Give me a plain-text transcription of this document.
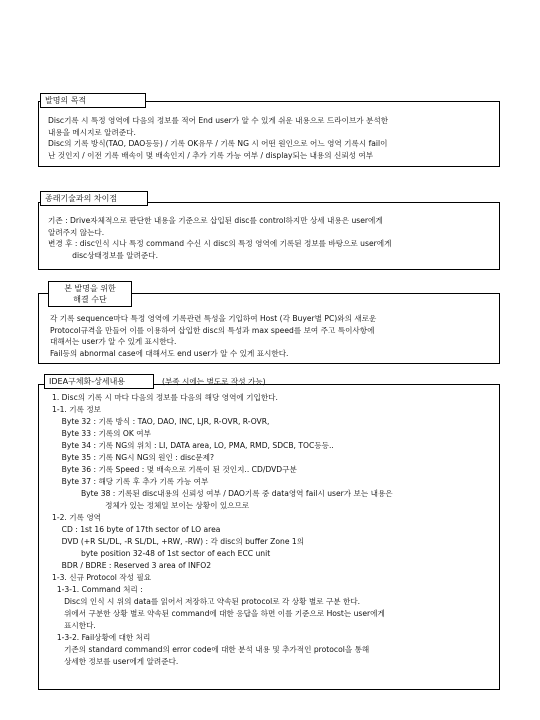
발명의 목적
Disc기록 시 특정 영역에 다음의 정보를 적어 End user가 알 수 있게 쉬운 내용으로 드라이브가 분석한
내용을 메시지로 알려준다.
Disc의 기록 방식(TAO, DAO등등) / 기록 OK유무 / 기록 NG 시 어떤 원인으로 어느 영역 기록시 fail이
난 것인지 / 이전 기록 배속이 몇 배속인지 / 추가 기록 가능 여부 / display되는 내용의 신뢰성 여부
종래기술과의 차이점
기존 : Drive자체적으로 판단한 내용을 기준으로 삽입된 disc를 control하지만 상세 내용은 user에게
알려주지 않는다.
변경 후 : disc인식 시나 특정 command 수신 시 disc의 특정 영역에 기록된 정보를 바탕으로 user에게
disc상태정보를 알려준다.
본 발명을 위한
해결 수단
각 기록 sequence마다 특정 영역에 기록관련 특성을 기입하여 Host (각 Buyer별 PC)와의 새로운
Protocol규격을 만들어 이를 이용하여 삽입한 disc의 특성과 max speed를 보여 주고 특이사항에
대해서는 user가 알 수 있게 표시한다.
Fail등의 abnormal case에 대해서도 end user가 알 수 있게 표시한다.
IDEA구체화-상세내용	(부족 시에는 별도로 작성 가능)
1. Disc의 기록 시 마다 다음의 정보를 다음의 해당 영역에 기입한다.
1-1. 기록 정보
Byte 32 : 기록 방식 : TAO, DAO, INC, LJR, R-OVR, R-OVR,
Byte 33 : 기록의 OK 여부
Byte 34 : 기록 NG의 위치 : LI, DATA area, LO, PMA, RMD, SDCB, TOC등등..
Byte 35 : 기록 NG시 NG의 원인 : disc문제?
Byte 36 : 기록 Speed : 몇 배속으로 기록이 된 것인지.. CD/DVD구분
Byte 37 : 해당 기록 후 추가 기록 가능 여부
Byte 38 : 기록된 disc내용의 신뢰성 여부 / DAO기록 중 data영역 fail시 user가 보는 내용은
정체가 있는 정체일 보이는 상황이 있으므로
1-2. 기록 영역
CD : 1st 16 byte of 17th sector of LO area
DVD (+R SL/DL, -R SL/DL, +RW, -RW) : 각 disc의 buffer Zone 1의
byte position 32-48 of 1st sector of each ECC unit
BDR / BDRE : Reserved 3 area of INFO2
1-3. 신규 Protocol 작성 필요
1-3-1. Command 처리 :
Disc의 인식 시 위의 data를 읽어서 저장하고 약속된 protocol로 각 상황 별로 구분 한다.
위에서 구분한 상황 별로 약속된 command에 대한 응답을 하면 이를 기준으로 Host는 user에게
표시한다.
1-3-2. Fail상황에 대한 처리
기존의 standard command의 error code에 대한 분석 내용 및 추가적인 protocol을 통해
상세한 정보를 user에게 알려준다.
